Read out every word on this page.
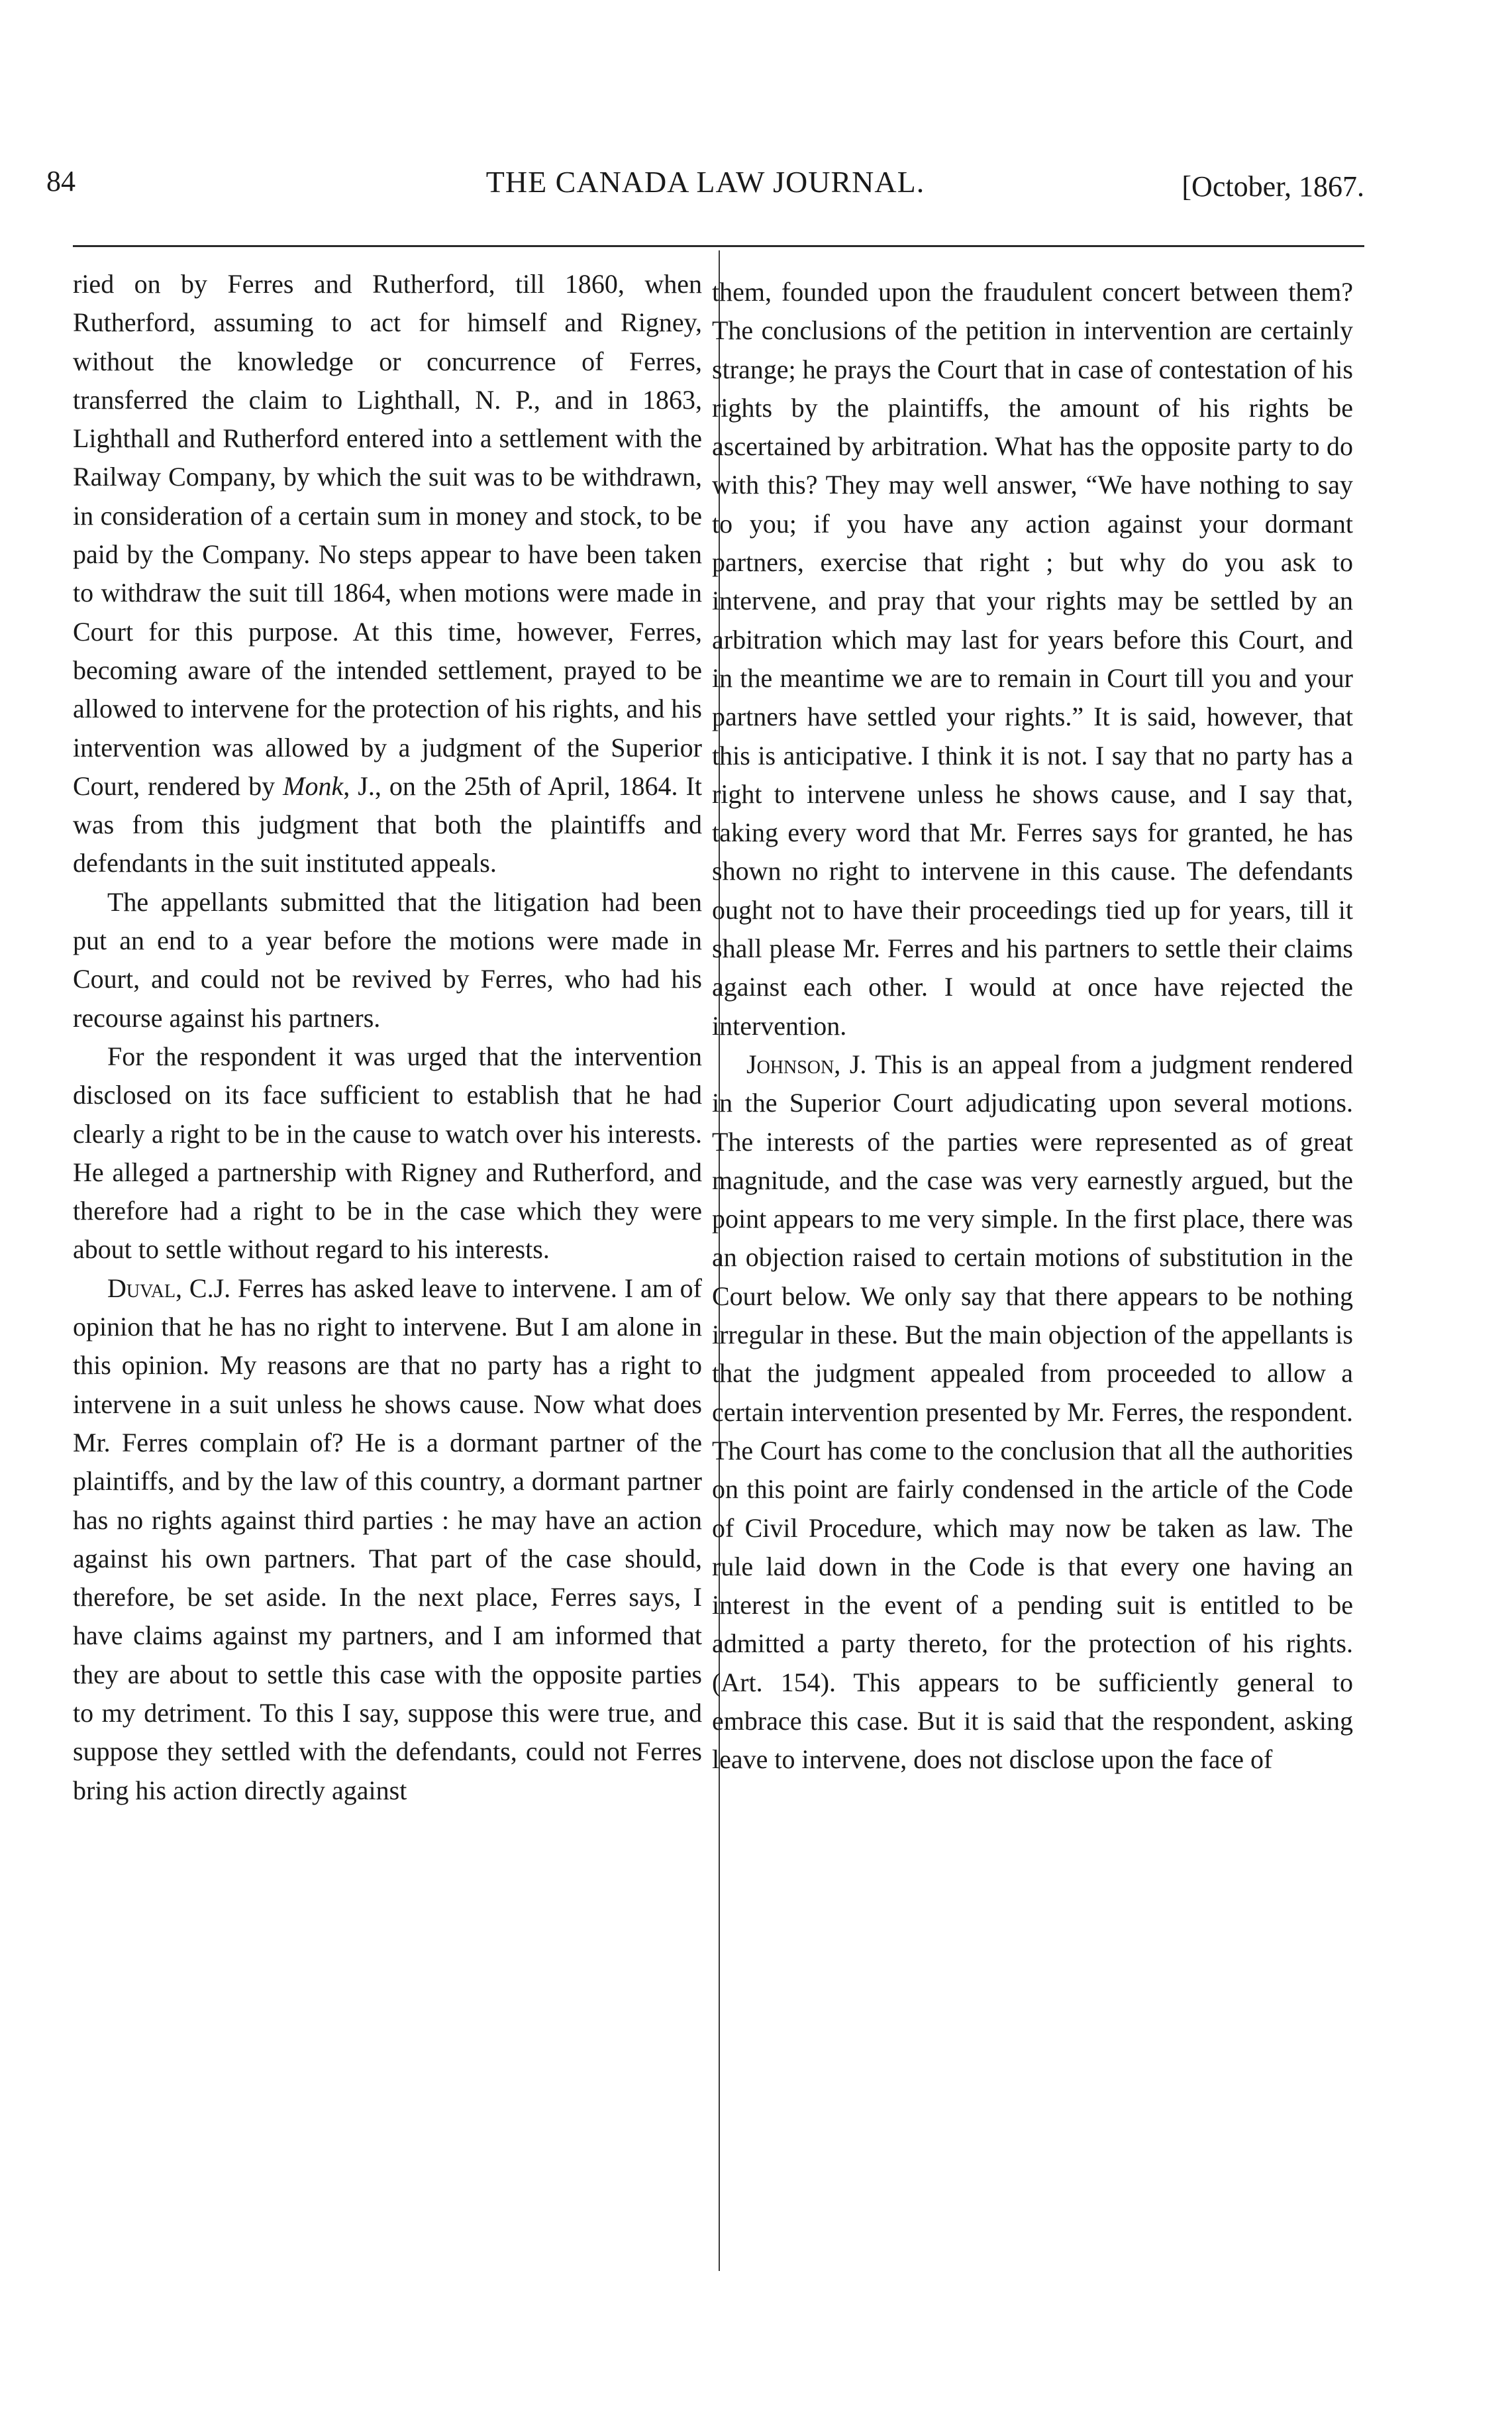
84	THE CANADA LAW JOURNAL.	[October, 1867.

ried on by Ferres and Rutherford, till 1860, when Rutherford, assuming to act for himself and Rigney, without the knowledge or concurrence of Ferres, transferred the claim to Lighthall, N. P., and in 1863, Lighthall and Rutherford entered into a settlement with the Railway Company, by which the suit was to be withdrawn, in consideration of a certain sum in money and stock, to be paid by the Company. No steps appear to have been taken to withdraw the suit till 1864, when motions were made in Court for this purpose. At this time, however, Ferres, becoming aware of the intended settlement, prayed to be allowed to intervene for the protection of his rights, and his intervention was allowed by a judgment of the Superior Court, rendered by Monk, J., on the 25th of April, 1864. It was from this judgment that both the plaintiffs and defendants in the suit instituted appeals.

The appellants submitted that the litigation had been put an end to a year before the motions were made in Court, and could not be revived by Ferres, who had his recourse against his partners.

For the respondent it was urged that the intervention disclosed on its face sufficient to establish that he had clearly a right to be in the cause to watch over his interests. He alleged a partnership with Rigney and Rutherford, and therefore had a right to be in the case which they were about to settle without regard to his interests.

Duval, C.J. Ferres has asked leave to intervene. I am of opinion that he has no right to intervene. But I am alone in this opinion. My reasons are that no party has a right to intervene in a suit unless he shows cause. Now what does Mr. Ferres complain of? He is a dormant partner of the plaintiffs, and by the law of this country, a dormant partner has no rights against third parties : he may have an action against his own partners. That part of the case should, therefore, be set aside. In the next place, Ferres says, I have claims against my partners, and I am informed that they are about to settle this case with the opposite parties to my detriment. To this I say, suppose this were true, and suppose they settled with the defendants, could not Ferres bring his action directly against

them, founded upon the fraudulent concert between them? The conclusions of the petition in intervention are certainly strange; he prays the Court that in case of contestation of his rights by the plaintiffs, the amount of his rights be ascertained by arbitration. What has the opposite party to do with this? They may well answer, “We have nothing to say to you; if you have any action against your dormant partners, exercise that right ; but why do you ask to intervene, and pray that your rights may be settled by an arbitration which may last for years before this Court, and in the meantime we are to remain in Court till you and your partners have settled your rights.” It is said, however, that this is anticipative. I think it is not. I say that no party has a right to intervene unless he shows cause, and I say that, taking every word that Mr. Ferres says for granted, he has shown no right to intervene in this cause. The defendants ought not to have their proceedings tied up for years, till it shall please Mr. Ferres and his partners to settle their claims against each other. I would at once have rejected the intervention.

Johnson, J. This is an appeal from a judgment rendered in the Superior Court adjudicating upon several motions. The interests of the parties were represented as of great magnitude, and the case was very earnestly argued, but the point appears to me very simple. In the first place, there was an objection raised to certain motions of substitution in the Court below. We only say that there appears to be nothing irregular in these. But the main objection of the appellants is that the judgment appealed from proceeded to allow a certain intervention presented by Mr. Ferres, the respondent. The Court has come to the conclusion that all the authorities on this point are fairly condensed in the article of the Code of Civil Procedure, which may now be taken as law. The rule laid down in the Code is that every one having an interest in the event of a pending suit is entitled to be admitted a party thereto, for the protection of his rights. (Art. 154). This appears to be sufficiently general to embrace this case. But it is said that the respondent, asking leave to intervene, does not disclose upon the face of
